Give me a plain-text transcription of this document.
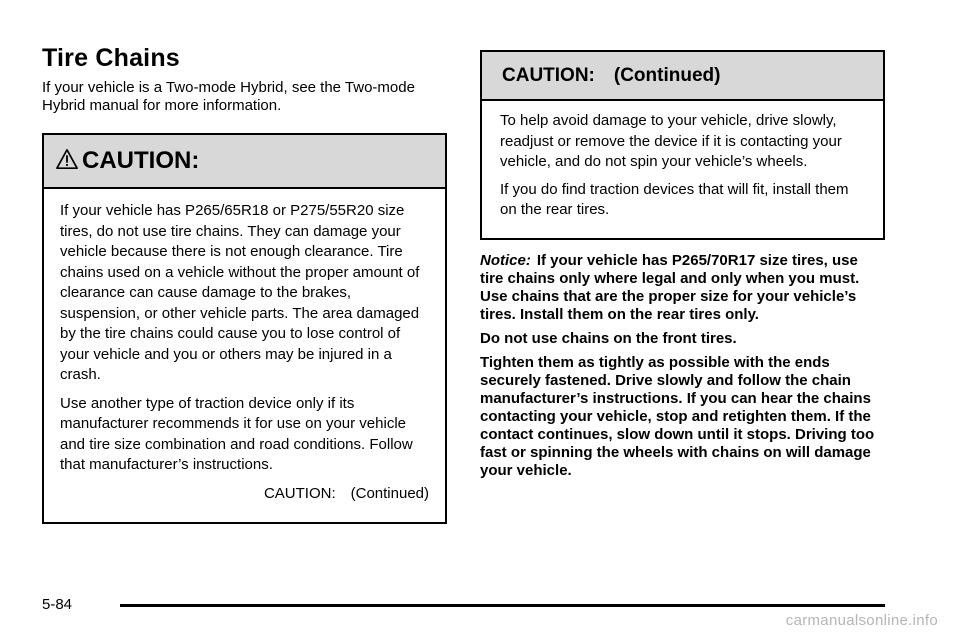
Tire Chains

If your vehicle is a Two-mode Hybrid, see the Two-mode Hybrid manual for more information.

CAUTION:

If your vehicle has P265/65R18 or P275/55R20 size tires, do not use tire chains. They can damage your vehicle because there is not enough clearance. Tire chains used on a vehicle without the proper amount of clearance can cause damage to the brakes, suspension, or other vehicle parts. The area damaged by the tire chains could cause you to lose control of your vehicle and you or others may be injured in a crash.

Use another type of traction device only if its manufacturer recommends it for use on your vehicle and tire size combination and road conditions. Follow that manufacturer’s instructions.

CAUTION: (Continued)

CAUTION: (Continued)

To help avoid damage to your vehicle, drive slowly, readjust or remove the device if it is contacting your vehicle, and do not spin your vehicle’s wheels.

If you do find traction devices that will fit, install them on the rear tires.

Notice: If your vehicle has P265/70R17 size tires, use tire chains only where legal and only when you must. Use chains that are the proper size for your vehicle’s tires. Install them on the rear tires only.

Do not use chains on the front tires.

Tighten them as tightly as possible with the ends securely fastened. Drive slowly and follow the chain manufacturer’s instructions. If you can hear the chains contacting your vehicle, stop and retighten them. If the contact continues, slow down until it stops. Driving too fast or spinning the wheels with chains on will damage your vehicle.

5-84
carmanualsonline.info
